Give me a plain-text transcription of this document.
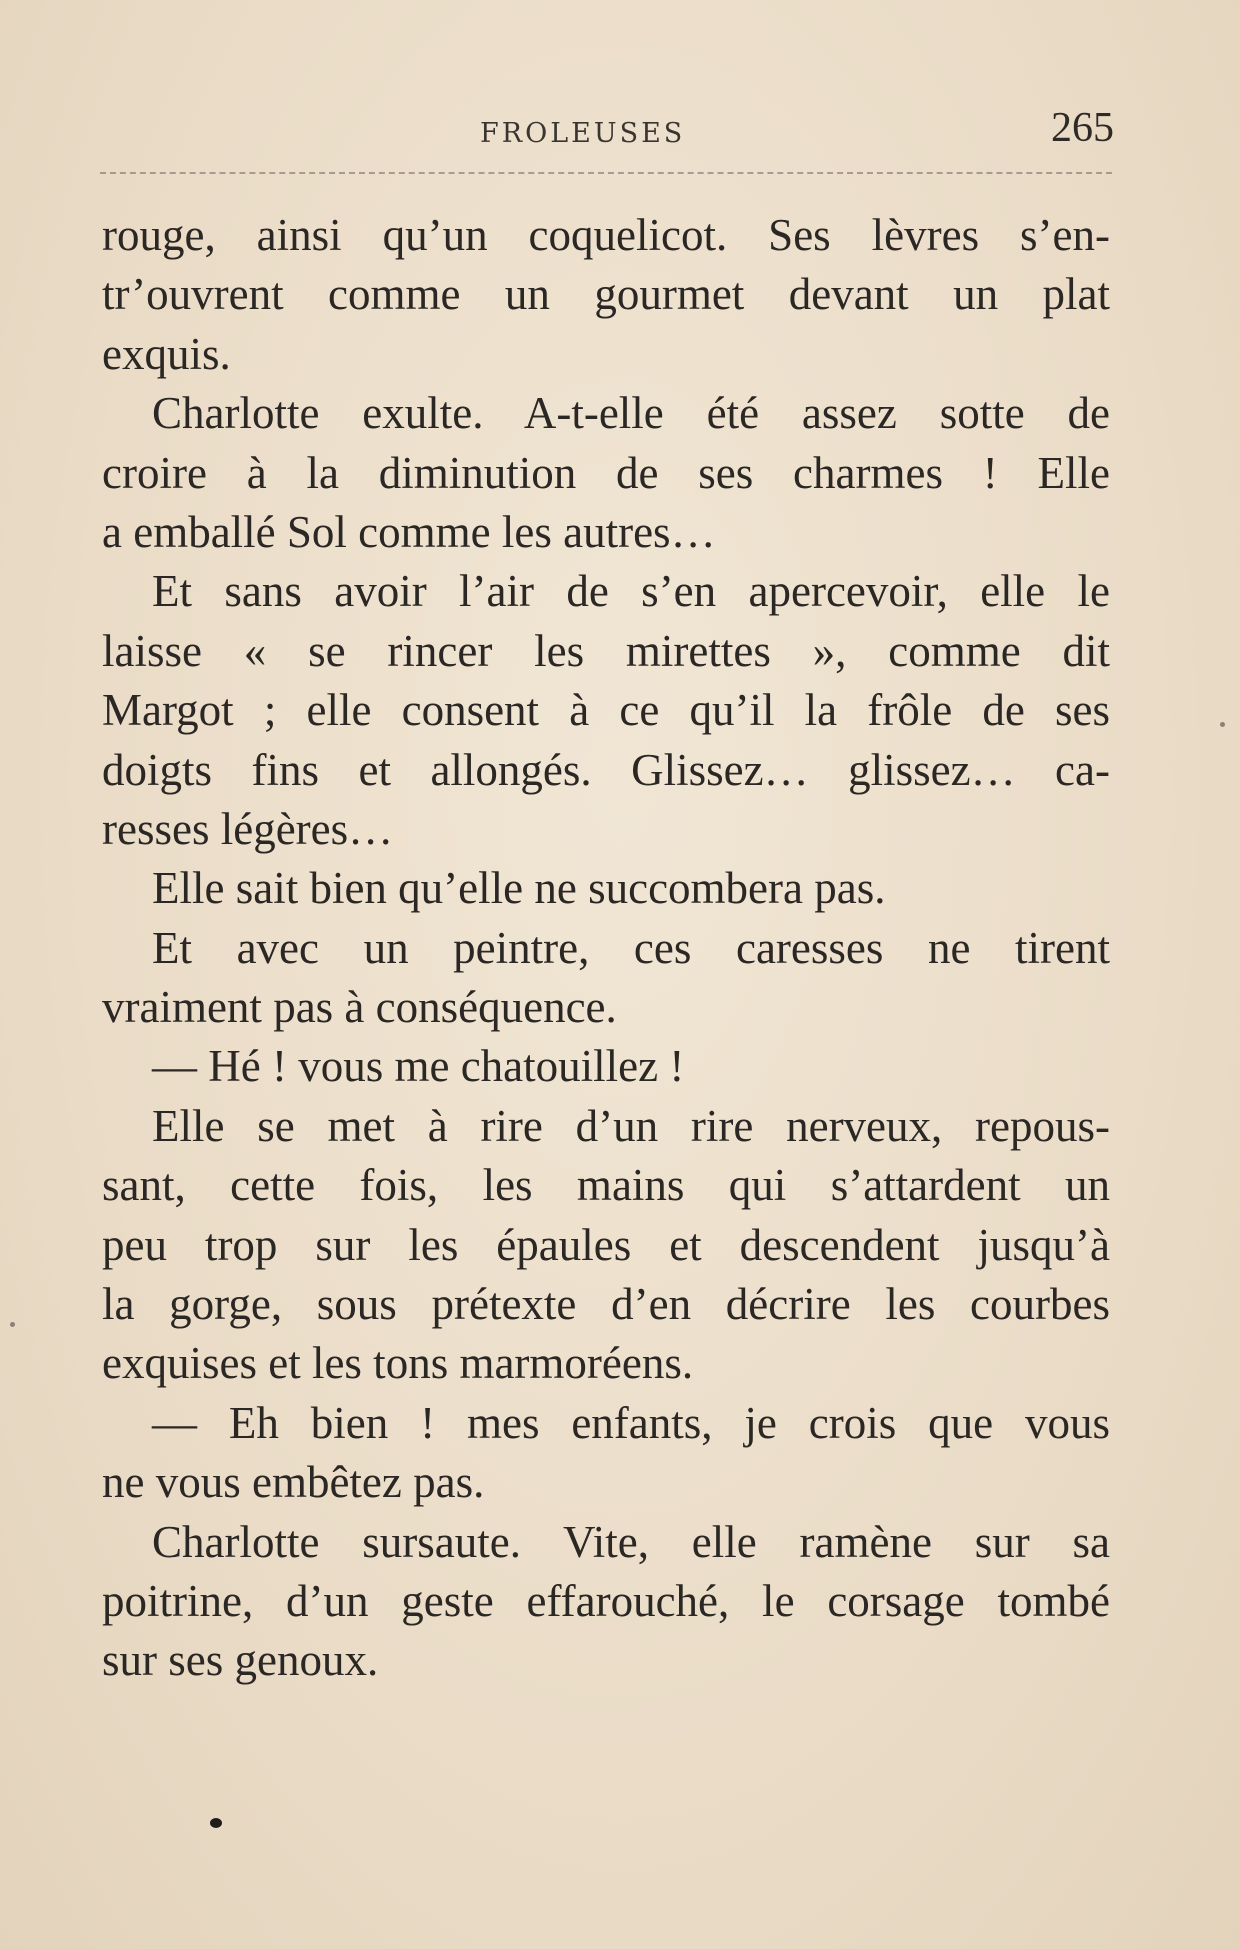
FROLEUSES	265
rouge, ainsi qu’un coquelicot. Ses lèvres s’en-
tr’ouvrent comme un gourmet devant un plat
exquis.
Charlotte exulte. A-t-elle été assez sotte de
croire à la diminution de ses charmes ! Elle
a emballé Sol comme les autres…
Et sans avoir l’air de s’en apercevoir, elle le
laisse « se rincer les mirettes », comme dit
Margot ; elle consent à ce qu’il la frôle de ses
doigts fins et allongés. Glissez… glissez… ca-
resses légères…
Elle sait bien qu’elle ne succombera pas.
Et avec un peintre, ces caresses ne tirent
vraiment pas à conséquence.
— Hé ! vous me chatouillez !
Elle se met à rire d’un rire nerveux, repous-
sant, cette fois, les mains qui s’attardent un
peu trop sur les épaules et descendent jusqu’à
la gorge, sous prétexte d’en décrire les courbes
exquises et les tons marmoréens.
— Eh bien ! mes enfants, je crois que vous
ne vous embêtez pas.
Charlotte sursaute. Vite, elle ramène sur sa
poitrine, d’un geste effarouché, le corsage tombé
sur ses genoux.
